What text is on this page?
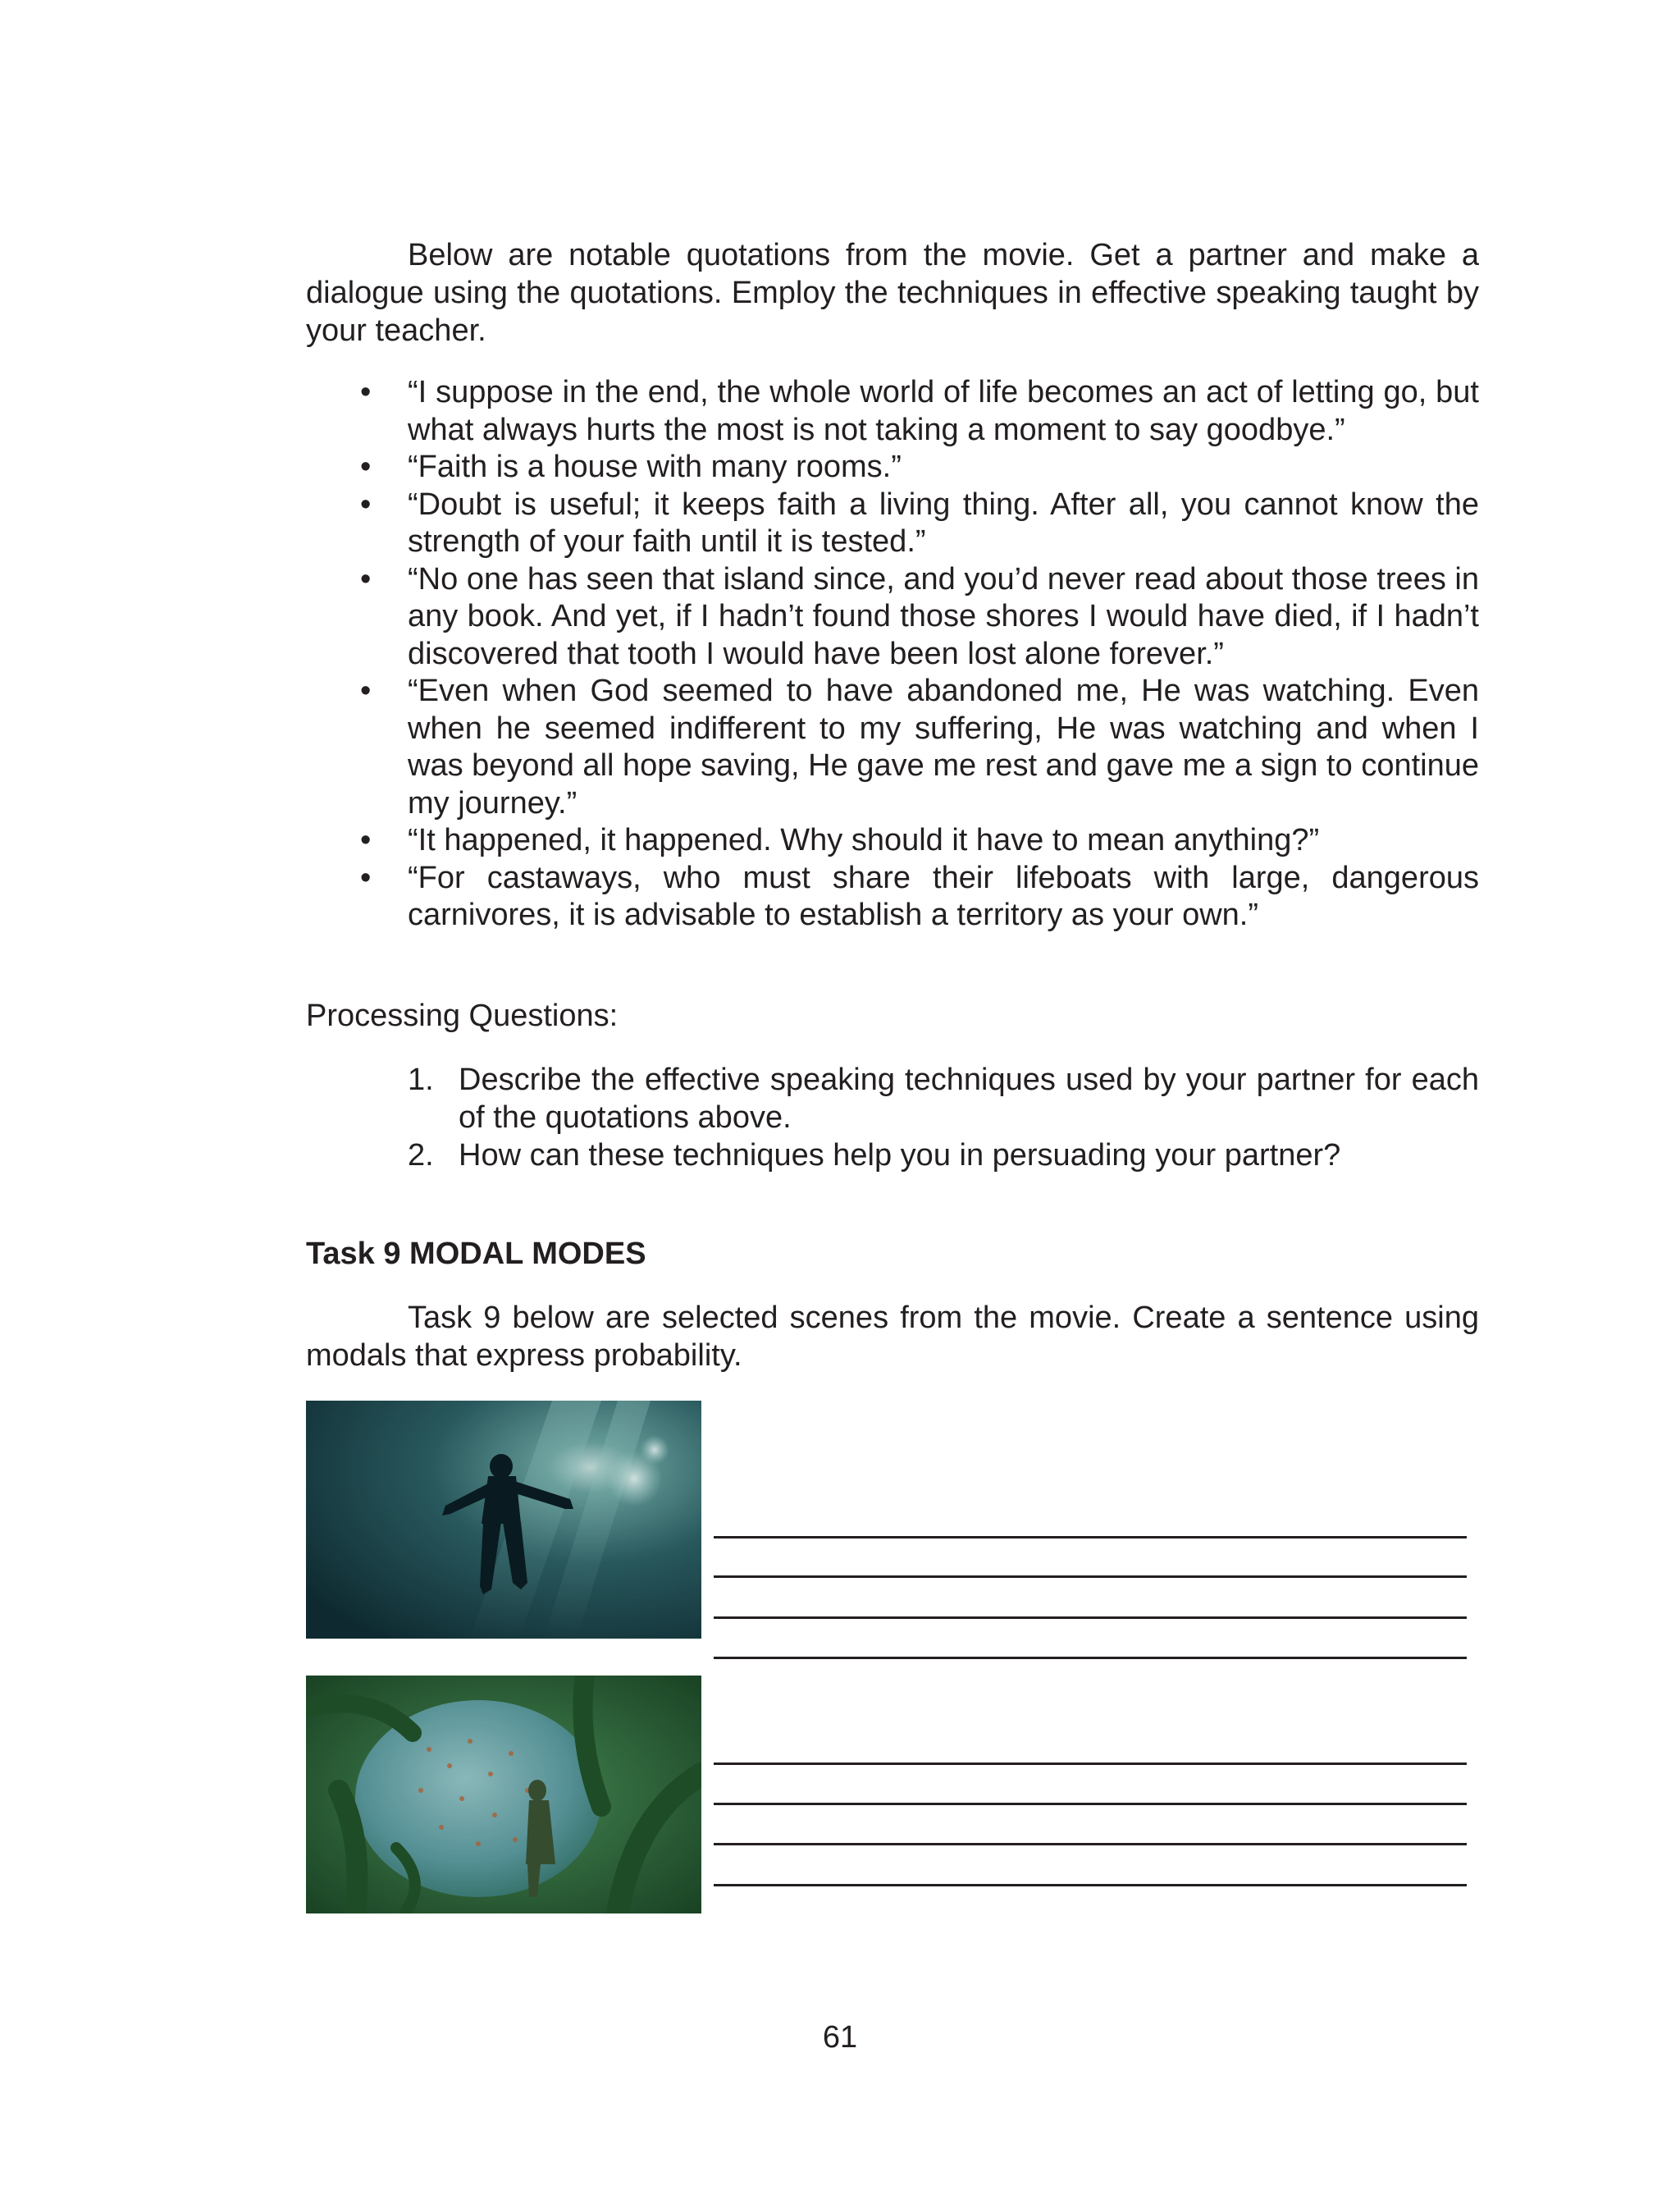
Below are notable quotations from the movie. Get a partner and make a dialogue using the quotations. Employ the techniques in effective speaking taught by your teacher.

• “I suppose in the end, the whole world of life becomes an act of letting go, but what always hurts the most is not taking a moment to say goodbye.”
• “Faith is a house with many rooms.”
• “Doubt is useful; it keeps faith a living thing. After all, you cannot know the strength of your faith until it is tested.”
• “No one has seen that island since, and you’d never read about those trees in any book. And yet, if I hadn’t found those shores I would have died, if I hadn’t discovered that tooth I would have been lost alone forever.”
• “Even when God seemed to have abandoned me, He was watching. Even when he seemed indifferent to my suffering, He was watching and when I was beyond all hope saving, He gave me rest and gave me a sign to continue my journey.”
• “It happened, it happened. Why should it have to mean anything?”
• “For castaways, who must share their lifeboats with large, dangerous carnivores, it is advisable to establish a territory as your own.”

Processing Questions:

1. Describe the effective speaking techniques used by your partner for each of the quotations above.
2. How can these techniques help you in persuading your partner?

Task 9 MODAL MODES

Task 9 below are selected scenes from the movie. Create a sentence using modals that express probability.

61
